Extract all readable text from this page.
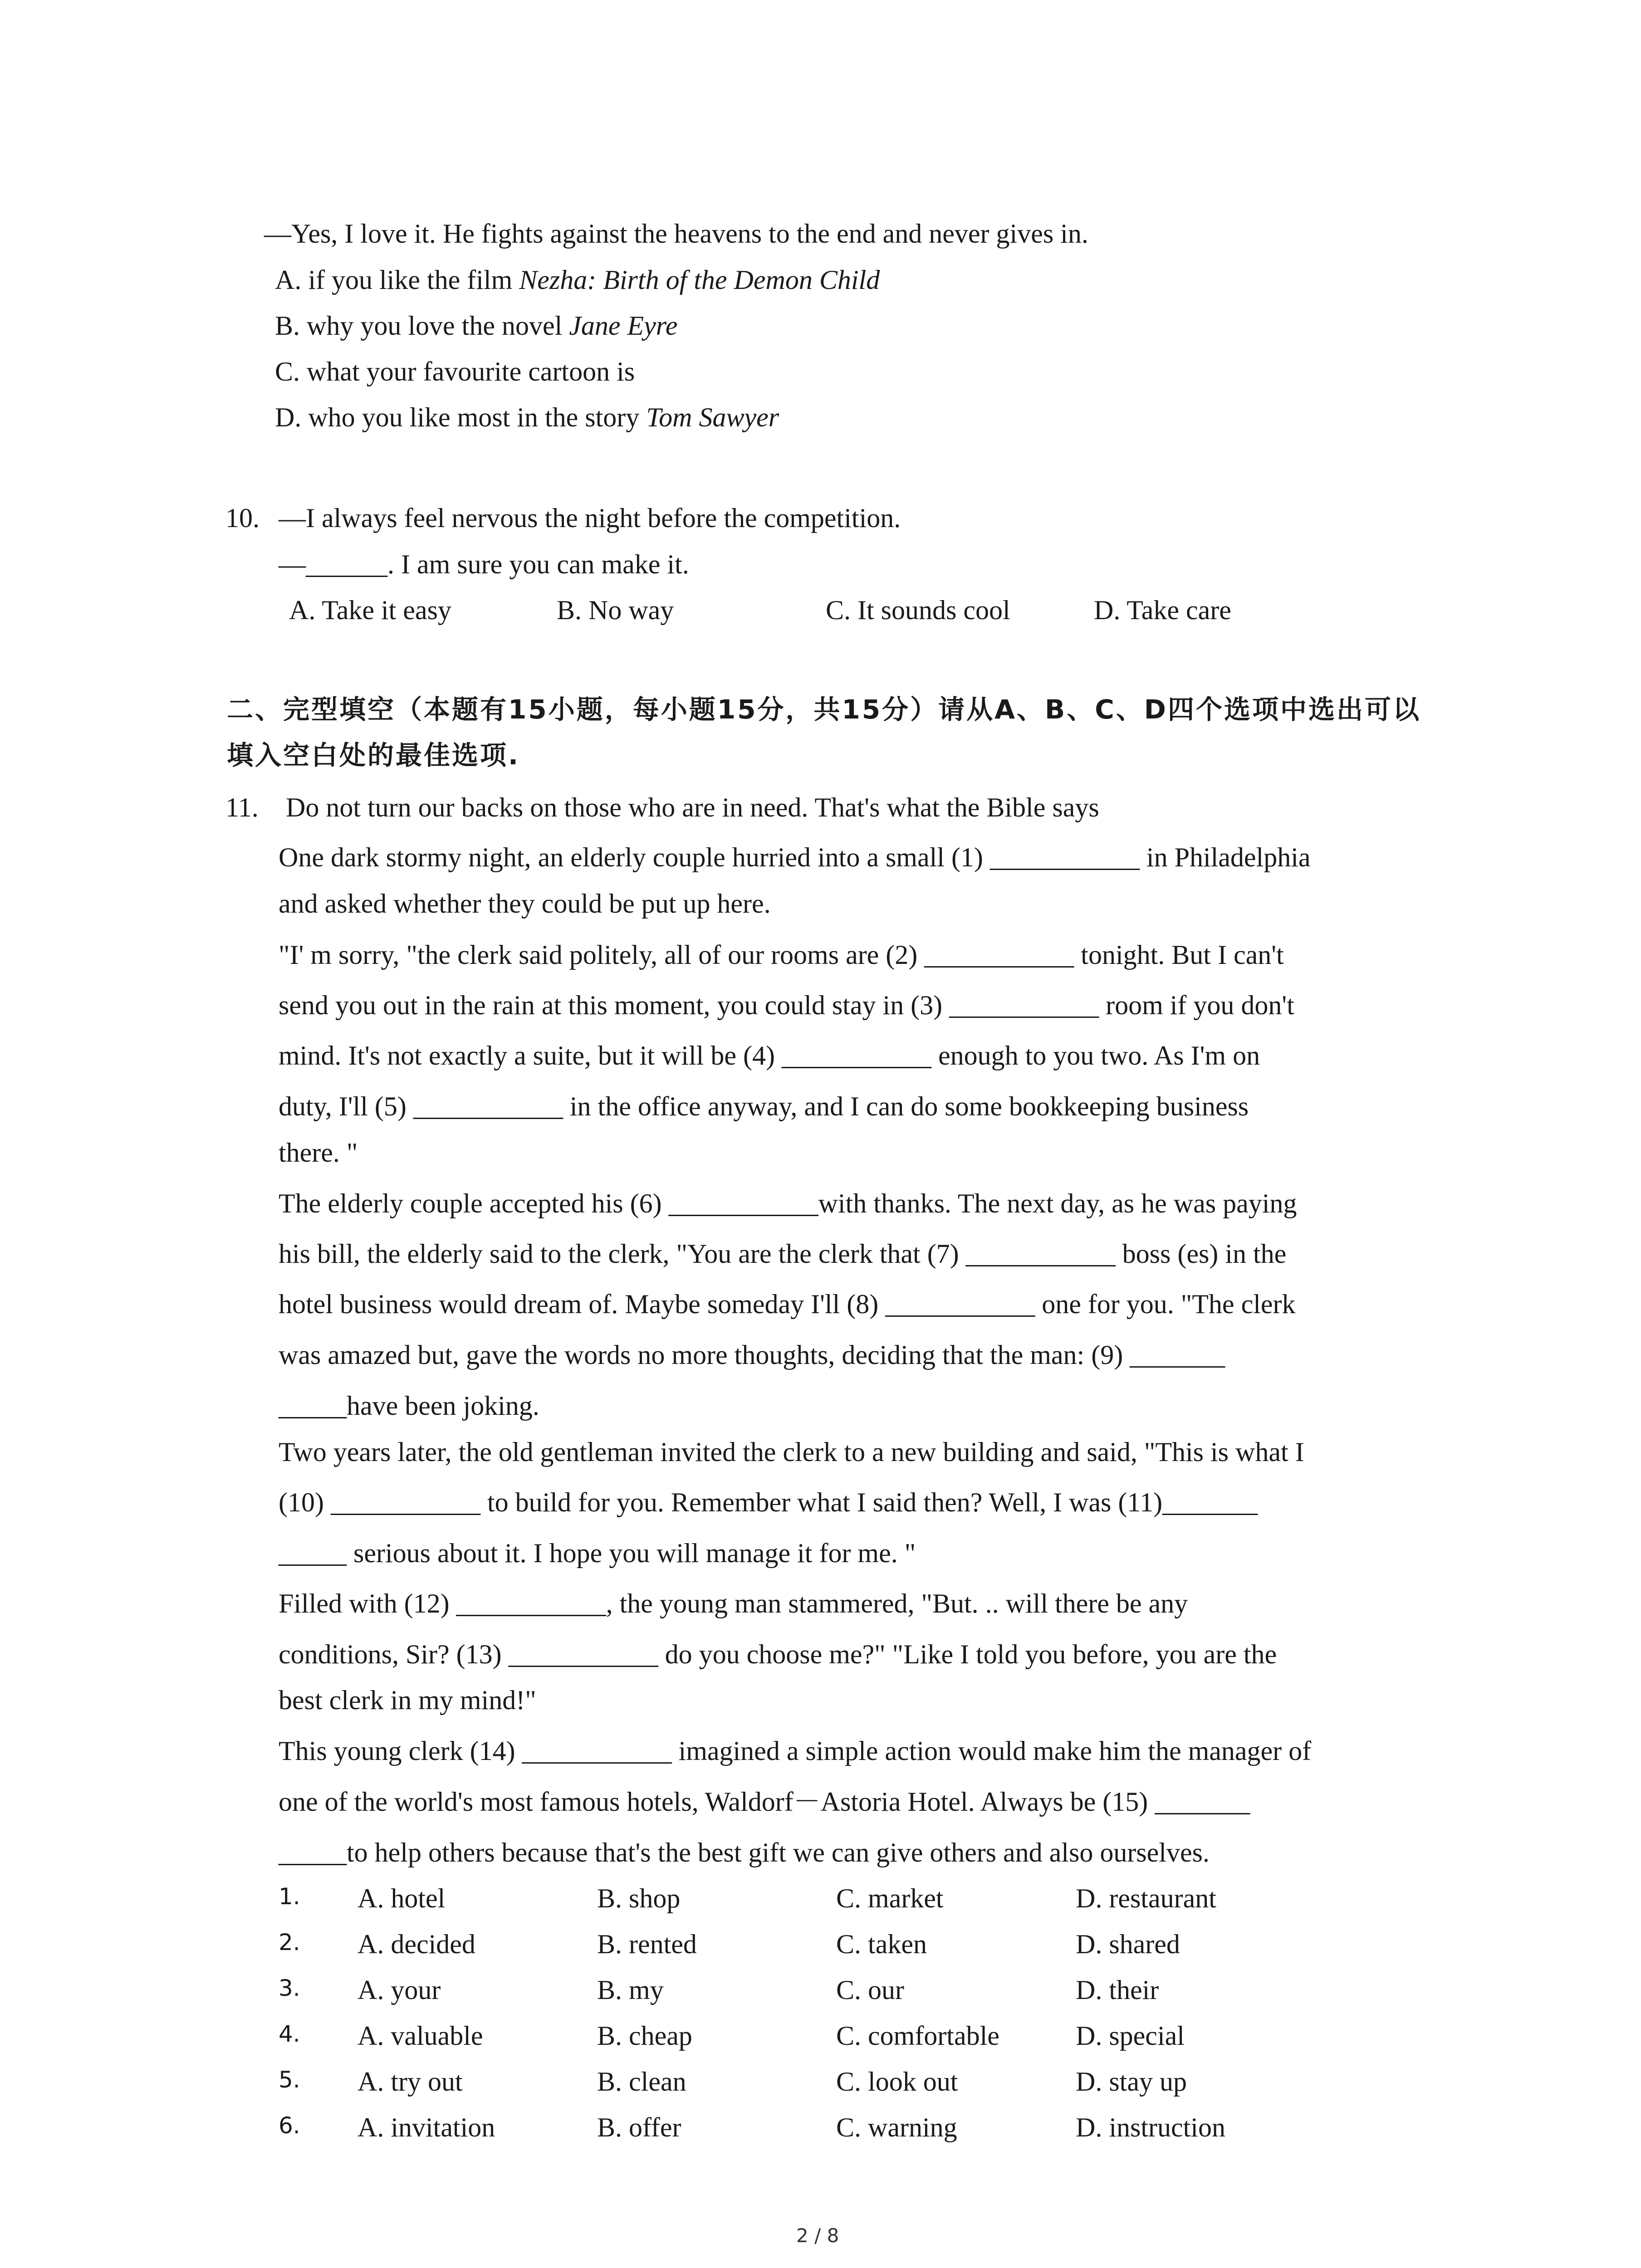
—Yes, I love it. He fights against the heavens to the end and never gives in.
A. if you like the film Nezha: Birth of the Demon Child
B. why you love the novel Jane Eyre
C. what your favourite cartoon is
D. who you like most in the story Tom Sawyer
10. —I always feel nervous the night before the competition.
—______. I am sure you can make it.
A. Take it easy	B. No way	C. It sounds cool	D. Take care
二、完型填空（本题有15小题，每小题15分，共15分）请从A、B、C、D四个选项中选出可以
填入空白处的最佳选项.
11. Do not turn our backs on those who are in need. That's what the Bible says
One dark stormy night, an elderly couple hurried into a small (1) ___________ in Philadelphia
and asked whether they could be put up here.
"I' m sorry, "the clerk said politely, all of our rooms are (2) ___________ tonight. But I can't
send you out in the rain at this moment, you could stay in (3) ___________ room if you don't
mind. It's not exactly a suite, but it will be (4) ___________ enough to you two. As I'm on
duty, I'll (5) ___________ in the office anyway, and I can do some bookkeeping business
there. "
The elderly couple accepted his (6) ___________with thanks. The next day, as he was paying
his bill, the elderly said to the clerk, "You are the clerk that (7) ___________ boss (es) in the
hotel business would dream of. Maybe someday I'll (8) ___________ one for you. "The clerk
was amazed but, gave the words no more thoughts, deciding that the man: (9) _______
_____have been joking.
Two years later, the old gentleman invited the clerk to a new building and said, "This is what I
(10) ___________ to build for you. Remember what I said then? Well, I was (11)_______
_____ serious about it. I hope you will manage it for me. "
Filled with (12) ___________, the young man stammered, "But. .. will there be any
conditions, Sir? (13) ___________ do you choose me?" "Like I told you before, you are the
best clerk in my mind!"
This young clerk (14) ___________ imagined a simple action would make him the manager of
one of the world's most famous hotels, Waldorf－Astoria Hotel. Always be (15) _______
_____to help others because that's the best gift we can give others and also ourselves.
1. A. hotel	B. shop	C. market	D. restaurant
2. A. decided	B. rented	C. taken	D. shared
3. A. your	B. my	C. our	D. their
4. A. valuable	B. cheap	C. comfortable	D. special
5. A. try out	B. clean	C. look out	D. stay up
6. A. invitation	B. offer	C. warning	D. instruction
2 / 8
